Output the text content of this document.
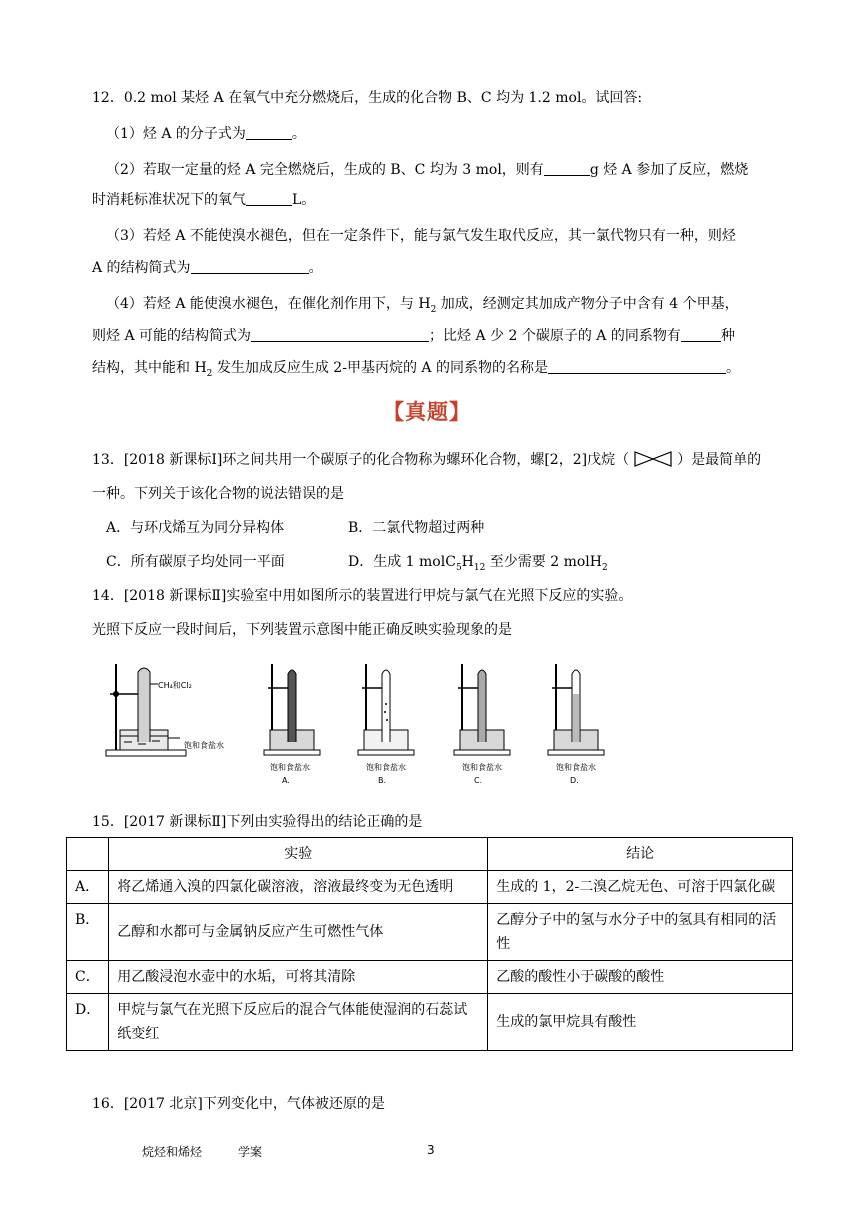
12．0.2 mol 某烃 A 在氧气中充分燃烧后，生成的化合物 B、C 均为 1.2 mol。试回答:
（1）烃 A 的分子式为	。
（2）若取一定量的烃 A 完全燃烧后，生成的 B、C 均为 3 mol，则有	g 烃 A 参加了反应，燃烧
时消耗标准状况下的氧气	L。
（3）若烃 A 不能使溴水褪色，但在一定条件下，能与氯气发生取代反应，其一氯代物只有一种，则烃
A 的结构简式为	。
（4）若烃 A 能使溴水褪色，在催化剂作用下，与 $H_2$ 加成，经测定其加成产物分子中含有 4 个甲基，
则烃 A 可能的结构简式为	；比烃 A 少 2 个碳原子的 A 的同系物有	种
结构，其中能和 $H_2$ 发生加成反应生成 2-甲基丙烷的 A 的同系物的名称是	。
【真题】
13．[2018 新课标Ⅰ]环之间共用一个碳原子的化合物称为螺环化合物，螺[2，2]戊烷（	）是最简单的
一种。下列关于该化合物的说法错误的是
A．与环戊烯互为同分异构体	B．二氯代物超过两种
C．所有碳原子均处同一平面	D．生成 1 $molC_5H_{12}$ 至少需要 2 molH$_2$
14．[2018 新课标Ⅱ]实验室中用如图所示的装置进行甲烷与氯气在光照下反应的实验。
光照下反应一段时间后，下列装置示意图中能正确反映实验现象的是
CH₄和Cl₂
饱和食盐水
饱和食盐水
A.
饱和食盐水
B.
饱和食盐水
C.
饱和食盐水
D.
15．[2017 新课标Ⅱ]下列由实验得出的结论正确的是
	实验	结论
A．	将乙烯通入溴的四氯化碳溶液，溶液最终变为无色透明	生成的 1，2-二溴乙烷无色、可溶于四氯化碳
B．	乙醇和水都可与金属钠反应产生可燃性气体	乙醇分子中的氢与水分子中的氢具有相同的活性
C．	用乙酸浸泡水壶中的水垢，可将其清除	乙酸的酸性小于碳酸的酸性
D．	甲烷与氯气在光照下反应后的混合气体能使湿润的石蕊试纸变红	生成的氯甲烷具有酸性
16．[2017 北京]下列变化中，气体被还原的是
烷烃和烯烃	学案	3
